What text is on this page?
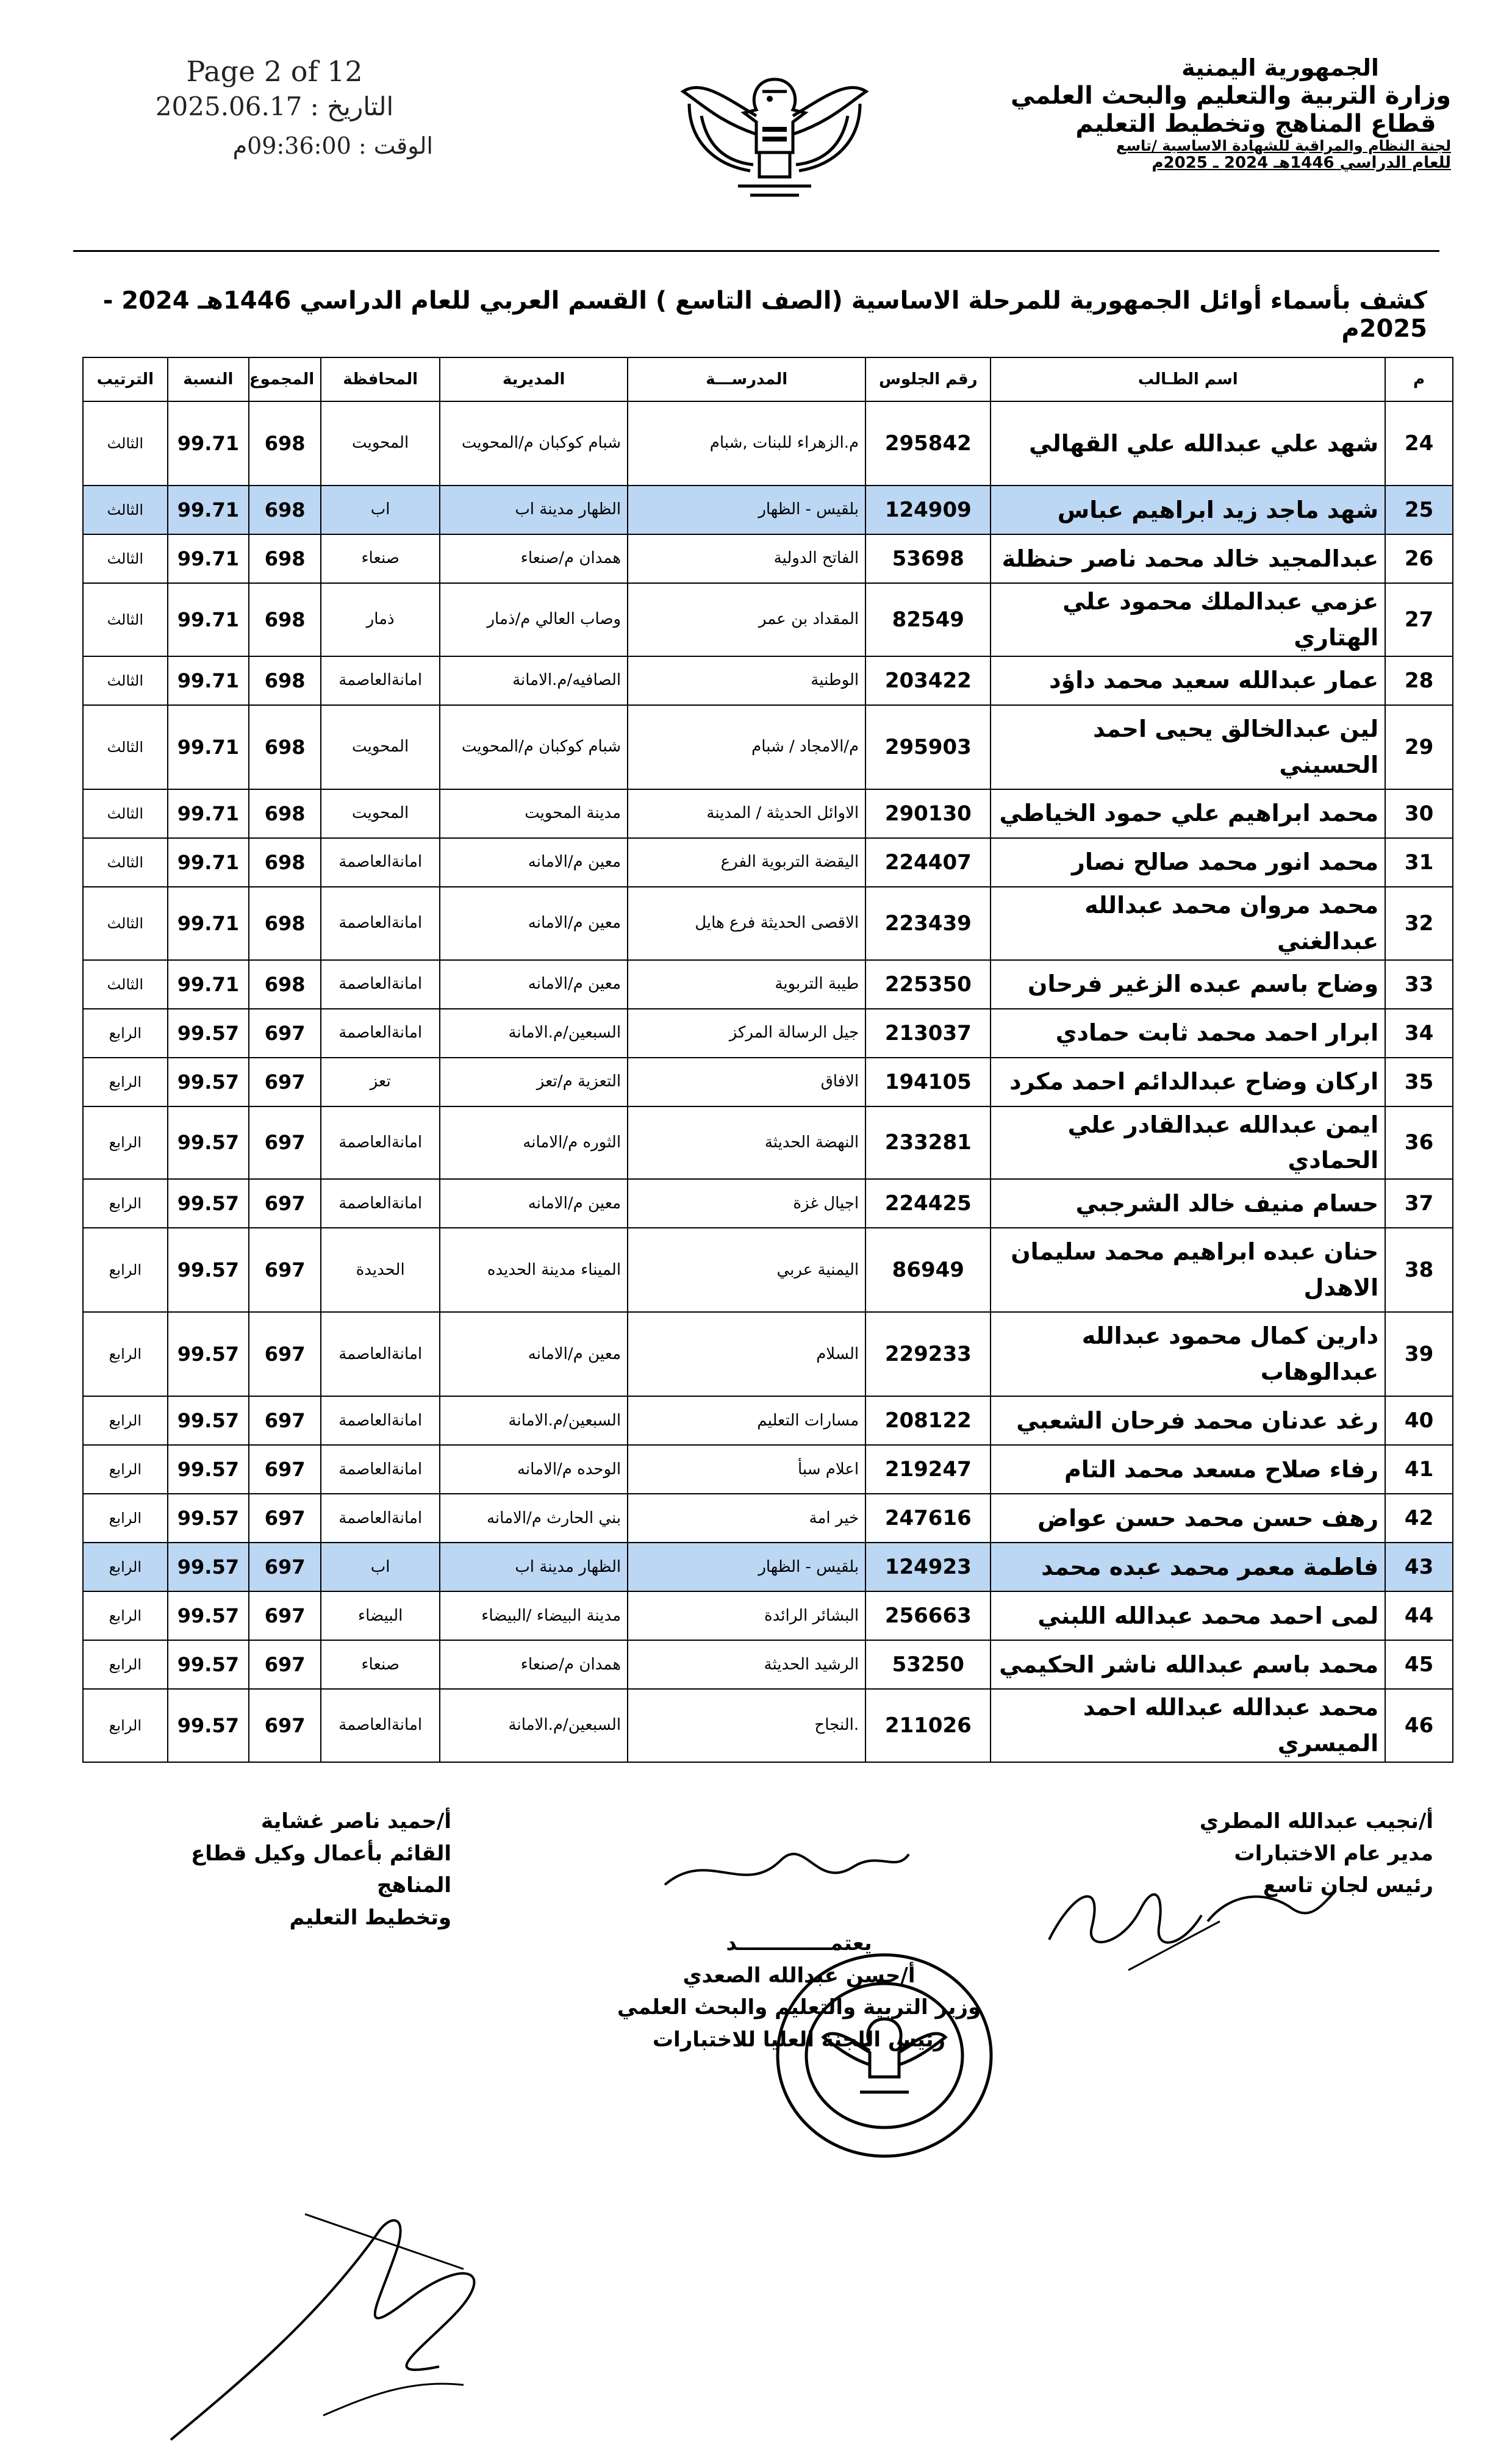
الجمهورية اليمنية
وزارة التربية والتعليم والبحث العلمي
قطاع المناهج وتخطيط التعليم
لجنة النظام والمراقبة للشهادة الاساسية /تاسع
للعام الدراسي 1446هـ 2024 ـ 2025م
Page 2 of 12
التاريخ : 2025.06.17
الوقت : 09:36:00م
كشف بأسماء أوائل الجمهورية للمرحلة الاساسية (الصف التاسع ) القسم العربي للعام الدراسي 1446هـ 2024 - 2025م
م	اسم الطـالب	رقم الجلوس	المدرســـة	المديرية	المحافظة	المجموع	النسبة	الترتيب
24	شهد علي عبدالله علي القهالي	295842	م.الزهراء للبنات ,شبام	شبام كوكبان م/المحويت	المحويت	698	99.71	الثالث
25	شهد ماجد زيد ابراهيم عباس	124909	بلقيس - الظهار	الظهار مدينة اب	اب	698	99.71	الثالث
26	عبدالمجيد خالد محمد ناصر حنظلة	53698	الفاتح الدولية	همدان م/صنعاء	صنعاء	698	99.71	الثالث
27	عزمي عبدالملك محمود علي الهتاري	82549	المقداد بن عمر	وصاب العالي م/ذمار	ذمار	698	99.71	الثالث
28	عمار عبدالله سعيد محمد داؤد	203422	الوطنية	الصافيه/م.الامانة	امانةالعاصمة	698	99.71	الثالث
29	لين عبدالخالق يحيى احمد الحسيني	295903	م/الامجاد / شبام	شبام كوكبان م/المحويت	المحويت	698	99.71	الثالث
30	محمد ابراهيم علي حمود الخياطي	290130	الاوائل الحديثة / المدينة	مدينة المحويت	المحويت	698	99.71	الثالث
31	محمد انور محمد صالح نصار	224407	اليقضة التربوية الفرع	معين م/الامانه	امانةالعاصمة	698	99.71	الثالث
32	محمد مروان محمد عبدالله عبدالغني	223439	الاقصى الحديثة فرع هايل	معين م/الامانه	امانةالعاصمة	698	99.71	الثالث
33	وضاح باسم عبده الزغير فرحان	225350	طيبة التربوية	معين م/الامانه	امانةالعاصمة	698	99.71	الثالث
34	ابرار احمد محمد ثابت حمادي	213037	جيل الرسالة المركز	السبعين/م.الامانة	امانةالعاصمة	697	99.57	الرابع
35	اركان وضاح عبدالدائم احمد مكرد	194105	الافاق	التعزية م/تعز	تعز	697	99.57	الرابع
36	ايمن عبدالله عبدالقادر علي الحمادي	233281	النهضة الحديثة	الثوره م/الامانه	امانةالعاصمة	697	99.57	الرابع
37	حسام منيف خالد الشرجبي	224425	اجيال غزة	معين م/الامانه	امانةالعاصمة	697	99.57	الرابع
38	حنان عبده ابراهيم محمد سليمان الاهدل	86949	اليمنية عربي	الميناء مدينة الحديده	الحديدة	697	99.57	الرابع
39	دارين كمال محمود عبدالله عبدالوهاب	229233	السلام	معين م/الامانه	امانةالعاصمة	697	99.57	الرابع
40	رغد عدنان محمد فرحان الشعبي	208122	مسارات التعليم	السبعين/م.الامانة	امانةالعاصمة	697	99.57	الرابع
41	رفاء صلاح مسعد محمد التام	219247	اعلام سبأ	الوحده م/الامانه	امانةالعاصمة	697	99.57	الرابع
42	رهف حسن محمد حسن عواض	247616	خير امة	بني الحارث م/الامانه	امانةالعاصمة	697	99.57	الرابع
43	فاطمة معمر محمد عبده محمد	124923	بلقيس - الظهار	الظهار مدينة اب	اب	697	99.57	الرابع
44	لمى احمد محمد عبدالله اللبني	256663	البشائر الرائدة	مدينة البيضاء /البيضاء	البيضاء	697	99.57	الرابع
45	محمد باسم عبدالله ناشر الحكيمي	53250	الرشيد الحديثة	همدان م/صنعاء	صنعاء	697	99.57	الرابع
46	محمد عبدالله عبدالله احمد الميسري	211026	.النجاح	السبعين/م.الامانة	امانةالعاصمة	697	99.57	الرابع
أ/نجيب عبدالله المطري
مدير عام الاختبارات
رئيس لجان تاسع
أ/حميد ناصر غشاية
القائم بأعمال وكيل قطاع المناهج
وتخطيط التعليم
يعتمـــــــــــــد
أ/حسن عبدالله الصعدي
وزير التربية والتعليم والبحث العلمي
رئيس اللجنة العليا للاختبارات
